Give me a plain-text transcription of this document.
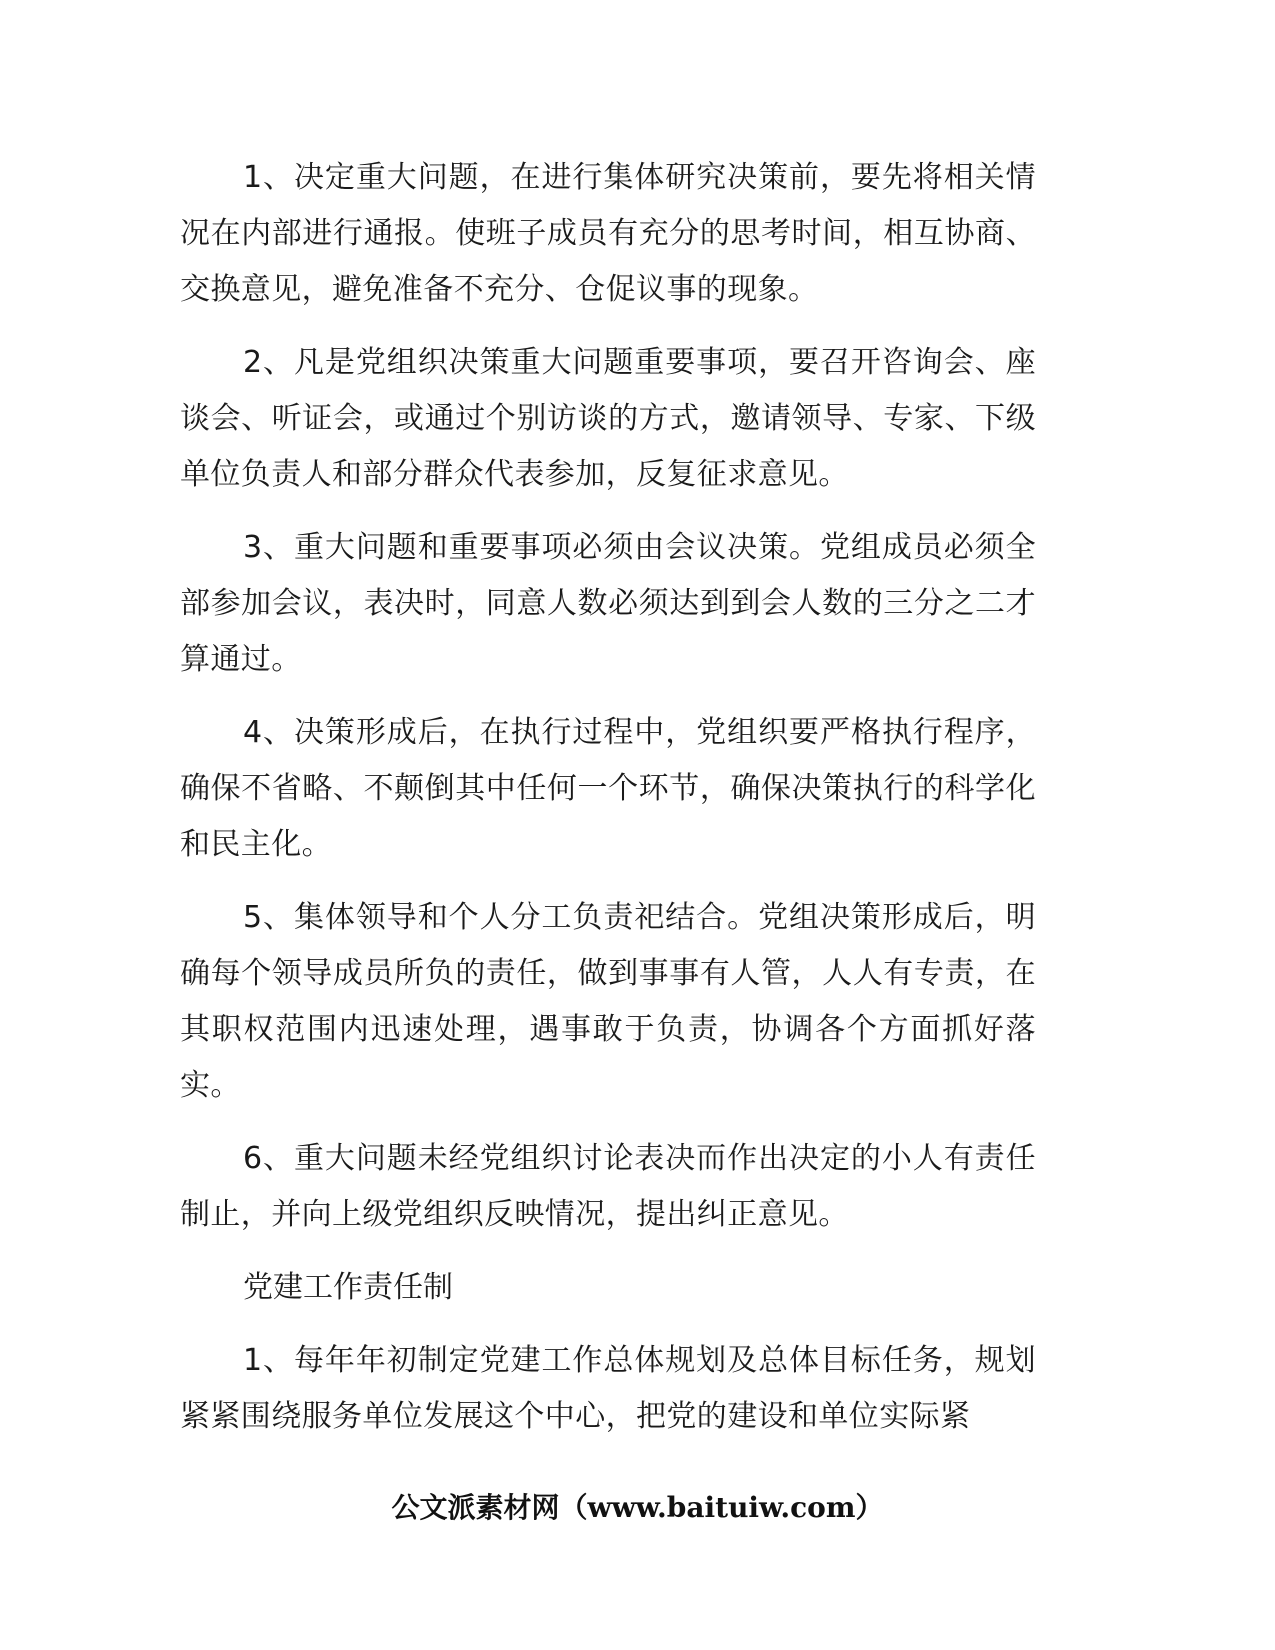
1、决定重大问题，在进行集体研究决策前，要先将相关情况在内部进行通报。使班子成员有充分的思考时间，相互协商、交换意见，避免准备不充分、仓促议事的现象。

2、凡是党组织决策重大问题重要事项，要召开咨询会、座谈会、听证会，或通过个别访谈的方式，邀请领导、专家、下级单位负责人和部分群众代表参加，反复征求意见。

3、重大问题和重要事项必须由会议决策。党组成员必须全部参加会议，表决时，同意人数必须达到到会人数的三分之二才算通过。

4、决策形成后，在执行过程中，党组织要严格执行程序，确保不省略、不颠倒其中任何一个环节，确保决策执行的科学化和民主化。

5、集体领导和个人分工负责祀结合。党组决策形成后，明确每个领导成员所负的责任，做到事事有人管，人人有专责，在其职权范围内迅速处理，遇事敢于负责，协调各个方面抓好落实。

6、重大问题未经党组织讨论表决而作出决定的小人有责任制止，并向上级党组织反映情况，提出纠正意见。

党建工作责任制

1、每年年初制定党建工作总体规划及总体目标任务，规划紧紧围绕服务单位发展这个中心，把党的建设和单位实际紧

公文派素材网（www.baituiw.com）
